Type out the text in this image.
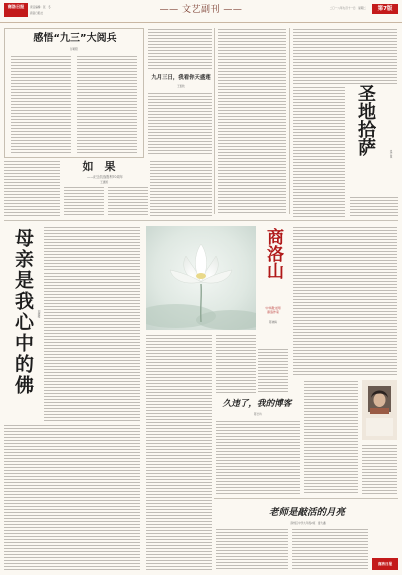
商洛日报	责任编辑：张　冬
商洛日报社	—— 文艺副刊 ——	二〇一八年九月十一日　星期二	第7版
感悟“九三”大阅兵
彭朝阳
九月三日，我看你天盛莲
王伯钦
如　果
——纪念抗战胜利70周年
王建国
圣地拾萨	张云良
母亲是我心中的佛	刘晓峰
商洛山
中华散文网
商洛作家
陈晓梅
久违了，我的博客
陈长吟
老师是敲活的月亮
商州区中学九年级2班　雷久鑫
商洛日报
